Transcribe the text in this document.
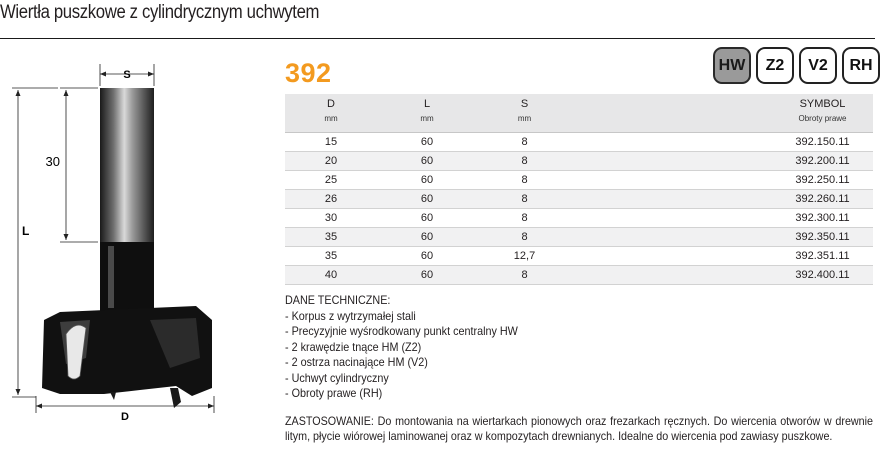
Wiertła puszkowe z cylindrycznym uchwytem
S
30
L
D
392	HW	Z2	V2	RH
D
mm	L
mm	S
mm		SYMBOL
Obroty prawe

15	60	8		392.150.11
20	60	8		392.200.11
25	60	8		392.250.11
26	60	8		392.260.11
30	60	8		392.300.11
35	60	8		392.350.11
35	60	12,7		392.351.11
40	60	8		392.400.11
DANE TECHNICZNE:
- Korpus z wytrzymałej stali
- Precyzyjnie wyśrodkowany punkt centralny HW
- 2 krawędzie tnące HM (Z2)
- 2 ostrza nacinające HM (V2)
- Uchwyt cylindryczny
- Obroty prawe (RH)
ZASTOSOWANIE: Do montowania na wiertarkach pionowych oraz frezarkach ręcznych. Do wiercenia otworów w drewnie litym, płycie wiórowej laminowanej oraz w kompozytach drewnianych. Idealne do wiercenia pod zawiasy puszkowe.
